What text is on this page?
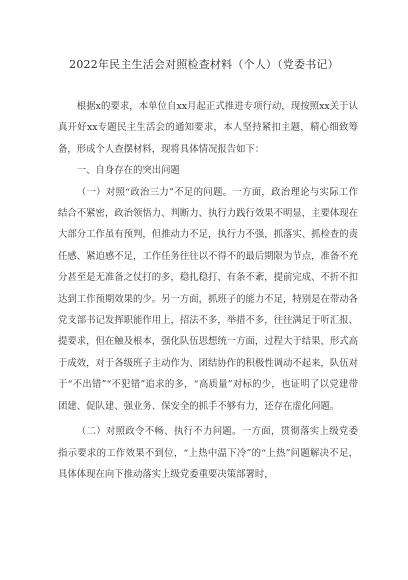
2022年民主生活会对照检查材料（个人）（党委书记）

根据x的要求，本单位自xx月起正式推进专项行动，现按照xx关于认真开好xx专题民主生活会的通知要求，本人坚持紧扣主题，精心细致筹备，形成个人查摆材料，现将具体情况报告如下：

一、自身存在的突出问题

（一）对照“政治三力”不足的问题。一方面，政治理论与实际工作结合不紧密，政治领悟力、判断力、执行力践行效果不明显，主要体现在大部分工作虽有预判，但推动力不足，执行力不强，抓落实、抓检查的责任感、紧迫感不足，工作任务往往以不得不的最后期限为节点，准备不充分甚至是无准备之仗打的多，稳扎稳打、有条不紊，提前完成、不折不扣达到工作预期效果的少。另一方面，抓班子的能力不足，特别是在带动各党支部书记发挥职能作用上，招法不多，举措不多，往往满足于听汇报、提要求，但在触及根本，强化队伍思想统一方面，过程大于结果、形式高于成效，对于各级班子主动作为、团结协作的积极性调动不起来，队伍对于“不出错”“不犯错”追求的多，“高质量”对标的少，也证明了以党建带团建、促队建、强业务、保安全的抓手不够有力，还存在虚化问题。

（二）对照政令不畅、执行不力问题。一方面，贯彻落实上级党委指示要求的工作效果不到位，“上热中温下冷”的“上热”问题解决不足，具体体现在向下推动落实上级党委重要决策部署时，
